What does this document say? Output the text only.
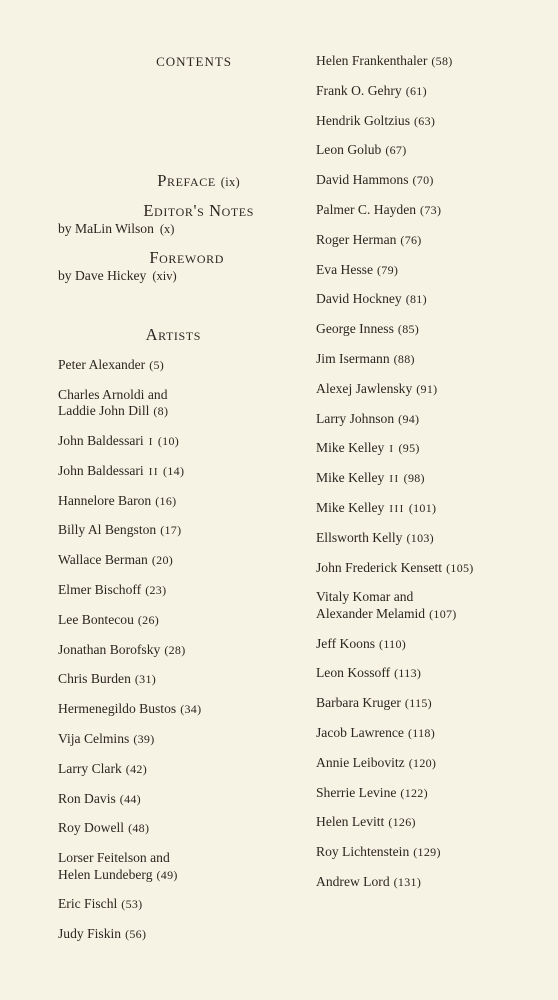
contents
Preface (ix)
Editor's Notes
by MaLin Wilson (x)
Foreword
by Dave Hickey (xiv)
Artists
Peter Alexander (5)
Charles Arnoldi and
Laddie John Dill (8)
John Baldessari I (10)
John Baldessari II (14)
Hannelore Baron (16)
Billy Al Bengston (17)
Wallace Berman (20)
Elmer Bischoff (23)
Lee Bontecou (26)
Jonathan Borofsky (28)
Chris Burden (31)
Hermenegildo Bustos (34)
Vija Celmins (39)
Larry Clark (42)
Ron Davis (44)
Roy Dowell (48)
Lorser Feitelson and
Helen Lundeberg (49)
Eric Fischl (53)
Judy Fiskin (56)
Helen Frankenthaler (58)
Frank O. Gehry (61)
Hendrik Goltzius (63)
Leon Golub (67)
David Hammons (70)
Palmer C. Hayden (73)
Roger Herman (76)
Eva Hesse (79)
David Hockney (81)
George Inness (85)
Jim Isermann (88)
Alexej Jawlensky (91)
Larry Johnson (94)
Mike Kelley I (95)
Mike Kelley II (98)
Mike Kelley III (101)
Ellsworth Kelly (103)
John Frederick Kensett (105)
Vitaly Komar and
Alexander Melamid (107)
Jeff Koons (110)
Leon Kossoff (113)
Barbara Kruger (115)
Jacob Lawrence (118)
Annie Leibovitz (120)
Sherrie Levine (122)
Helen Levitt (126)
Roy Lichtenstein (129)
Andrew Lord (131)
